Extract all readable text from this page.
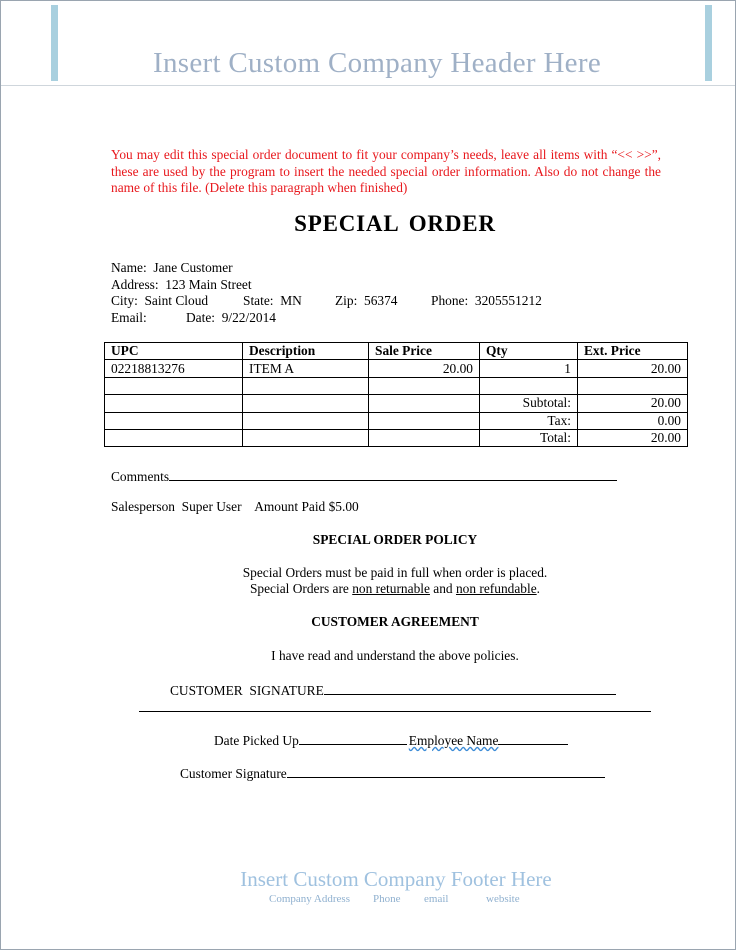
Insert Custom Company Header Here
You may edit this special order document to fit your company’s needs, leave all items with “<< >>”, these are used by the program to insert the needed special order information. Also do not change the name of this file. (Delete this paragraph when finished)
SPECIAL ORDER
Name:  Jane Customer
Address:  123 Main Street

City:  Saint Cloud

	State:  MN

Zip:  56374

	Phone:  3205551212

Email:

	Date:  9/22/2014

UPC	Description	Sale Price	Qty	Ext. Price
02218813276	ITEM A	20.00	1	20.00

			Subtotal:	20.00
			Tax:	0.00
			Total:	20.00
Comments
Salesperson  Super User Amount Paid $5.00
SPECIAL ORDER POLICY
Special Orders must be paid in full when order is placed.
Special Orders are non returnable and non refundable.
CUSTOMER AGREEMENT
I have read and understand the above policies.
CUSTOMER  SIGNATURE
Date Picked Up	Employee Name
Customer Signature
Insert Custom Company Footer Here
Company Address Phone email	website
